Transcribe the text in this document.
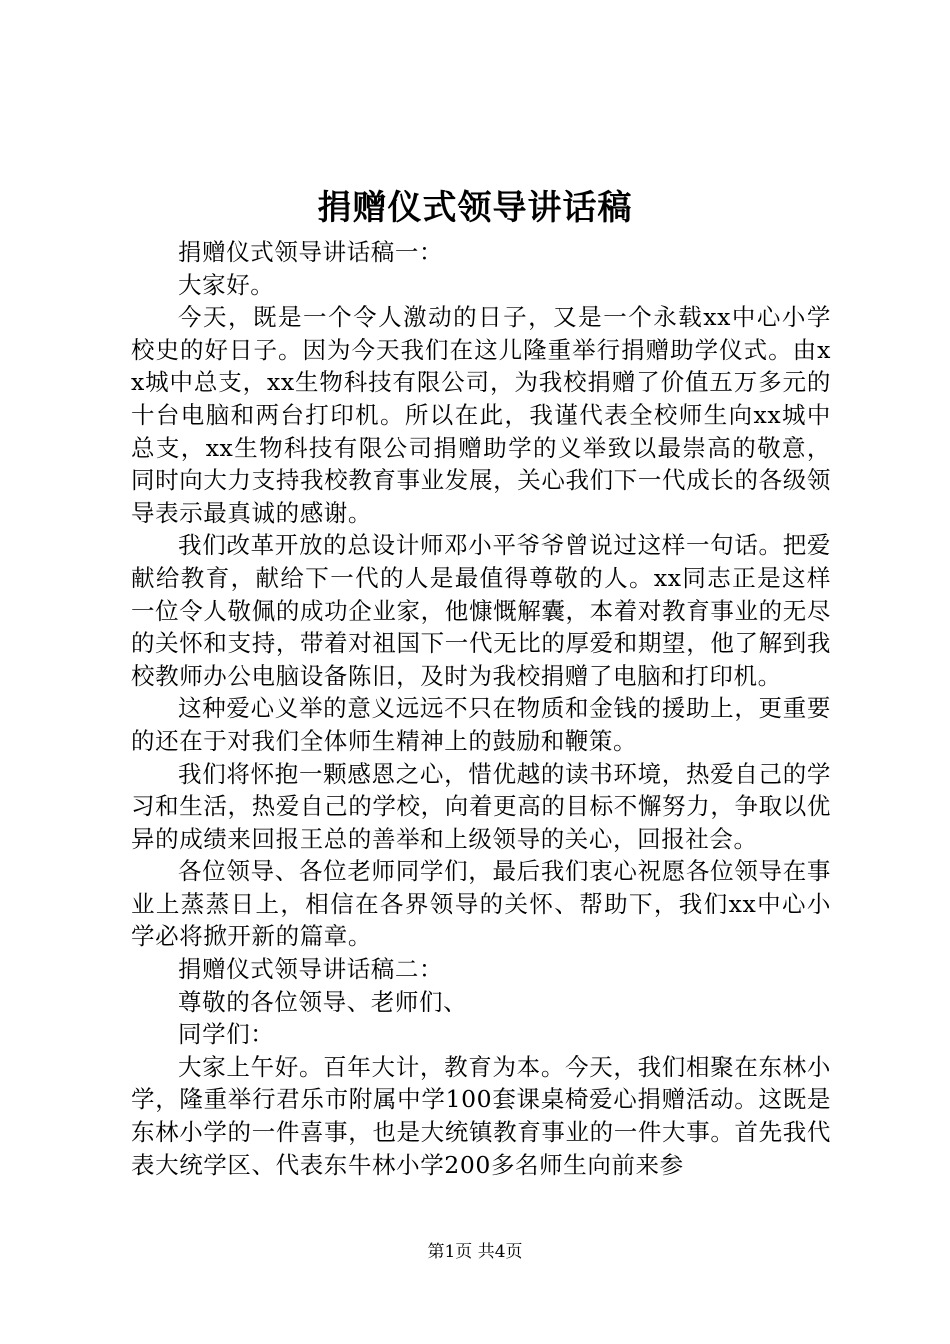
捐赠仪式领导讲话稿

捐赠仪式领导讲话稿一：

大家好。

今天，既是一个令人激动的日子，又是一个永载xx中心小学校史的好日子。因为今天我们在这儿隆重举行捐赠助学仪式。由xx城中总支，xx生物科技有限公司，为我校捐赠了价值五万多元的十台电脑和两台打印机。所以在此，我谨代表全校师生向xx城中总支，xx生物科技有限公司捐赠助学的义举致以最崇高的敬意，同时向大力支持我校教育事业发展，关心我们下一代成长的各级领导表示最真诚的感谢。

我们改革开放的总设计师邓小平爷爷曾说过这样一句话。把爱献给教育，献给下一代的人是最值得尊敬的人。xx同志正是这样一位令人敬佩的成功企业家，他慷慨解囊，本着对教育事业的无尽的关怀和支持，带着对祖国下一代无比的厚爱和期望，他了解到我校教师办公电脑设备陈旧，及时为我校捐赠了电脑和打印机。

这种爱心义举的意义远远不只在物质和金钱的援助上，更重要的还在于对我们全体师生精神上的鼓励和鞭策。

我们将怀抱一颗感恩之心，惜优越的读书环境，热爱自己的学习和生活，热爱自己的学校，向着更高的目标不懈努力，争取以优异的成绩来回报王总的善举和上级领导的关心，回报社会。

各位领导、各位老师同学们，最后我们衷心祝愿各位领导在事业上蒸蒸日上，相信在各界领导的关怀、帮助下，我们xx中心小学必将掀开新的篇章。

捐赠仪式领导讲话稿二：

尊敬的各位领导、老师们、

同学们：

大家上午好。百年大计，教育为本。今天，我们相聚在东林小学，隆重举行君乐市附属中学100套课桌椅爱心捐赠活动。这既是东林小学的一件喜事，也是大统镇教育事业的一件大事。首先我代表大统学区、代表东牛林小学200多名师生向前来参

第1页 共4页
